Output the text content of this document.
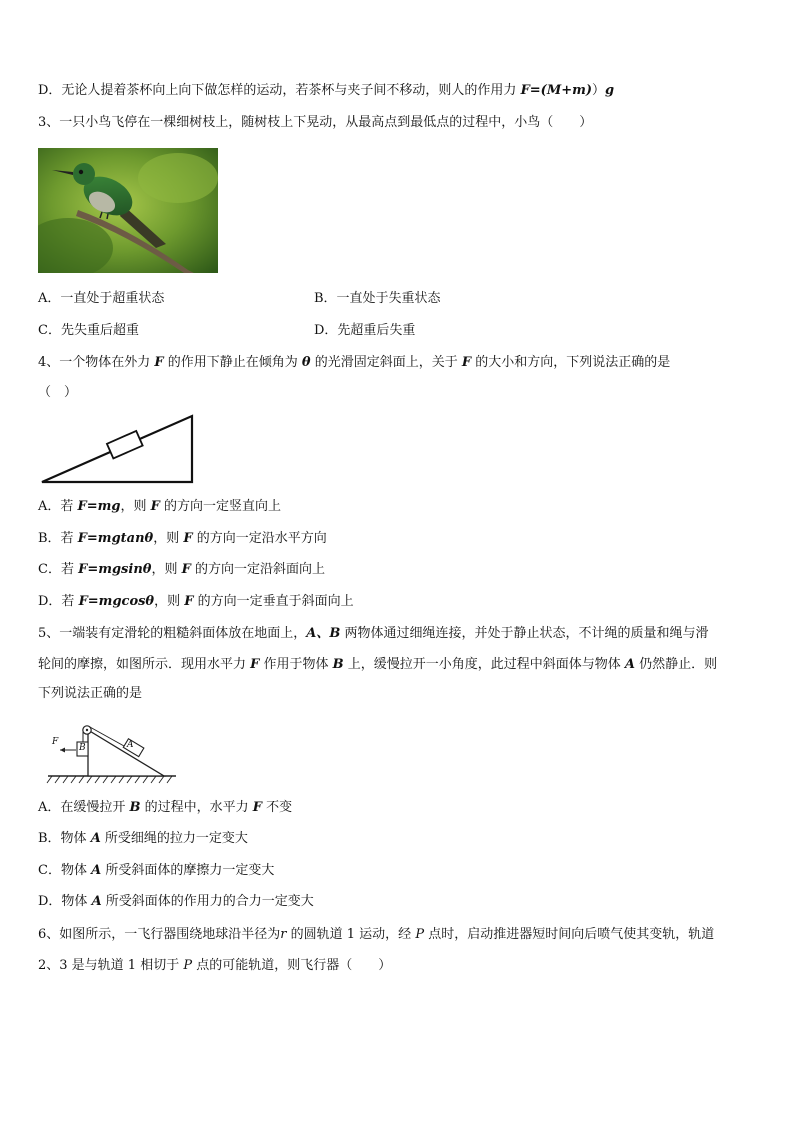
D．无论人提着茶杯向上向下做怎样的运动，若茶杯与夹子间不移动，则人的作用力 F=(M+m)）g
3、一只小鸟飞停在一棵细树枝上，随树枝上下晃动，从最高点到最低点的过程中，小鸟（　　）
A．一直处于超重状态	B．一直处于失重状态
C．先失重后超重	D．先超重后失重
4、一个物体在外力 F 的作用下静止在倾角为 θ 的光滑固定斜面上，关于 F 的大小和方向，下列说法正确的是
（　）
A．若 F=mg，则 F 的方向一定竖直向上
B．若 F=mgtanθ，则 F 的方向一定沿水平方向
C．若 F=mgsinθ，则 F 的方向一定沿斜面向上
D．若 F=mgcosθ，则 F 的方向一定垂直于斜面向上
5、一端装有定滑轮的粗糙斜面体放在地面上，A、B 两物体通过细绳连接，并处于静止状态，不计绳的质量和绳与滑
轮间的摩擦，如图所示．现用水平力 F 作用于物体 B 上，缓慢拉开一小角度，此过程中斜面体与物体 A 仍然静止．则
下列说法正确的是
F
B	A
A．在缓慢拉开 B 的过程中，水平力 F 不变
B．物体 A 所受细绳的拉力一定变大
C．物体 A 所受斜面体的摩擦力一定变大
D．物体 A 所受斜面体的作用力的合力一定变大
6、如图所示，一飞行器围绕地球沿半径为r 的圆轨道 1 运动，经 P 点时，启动推进器短时间向后喷气使其变轨，轨道
2、3 是与轨道 1 相切于 P 点的可能轨道，则飞行器（　　）
